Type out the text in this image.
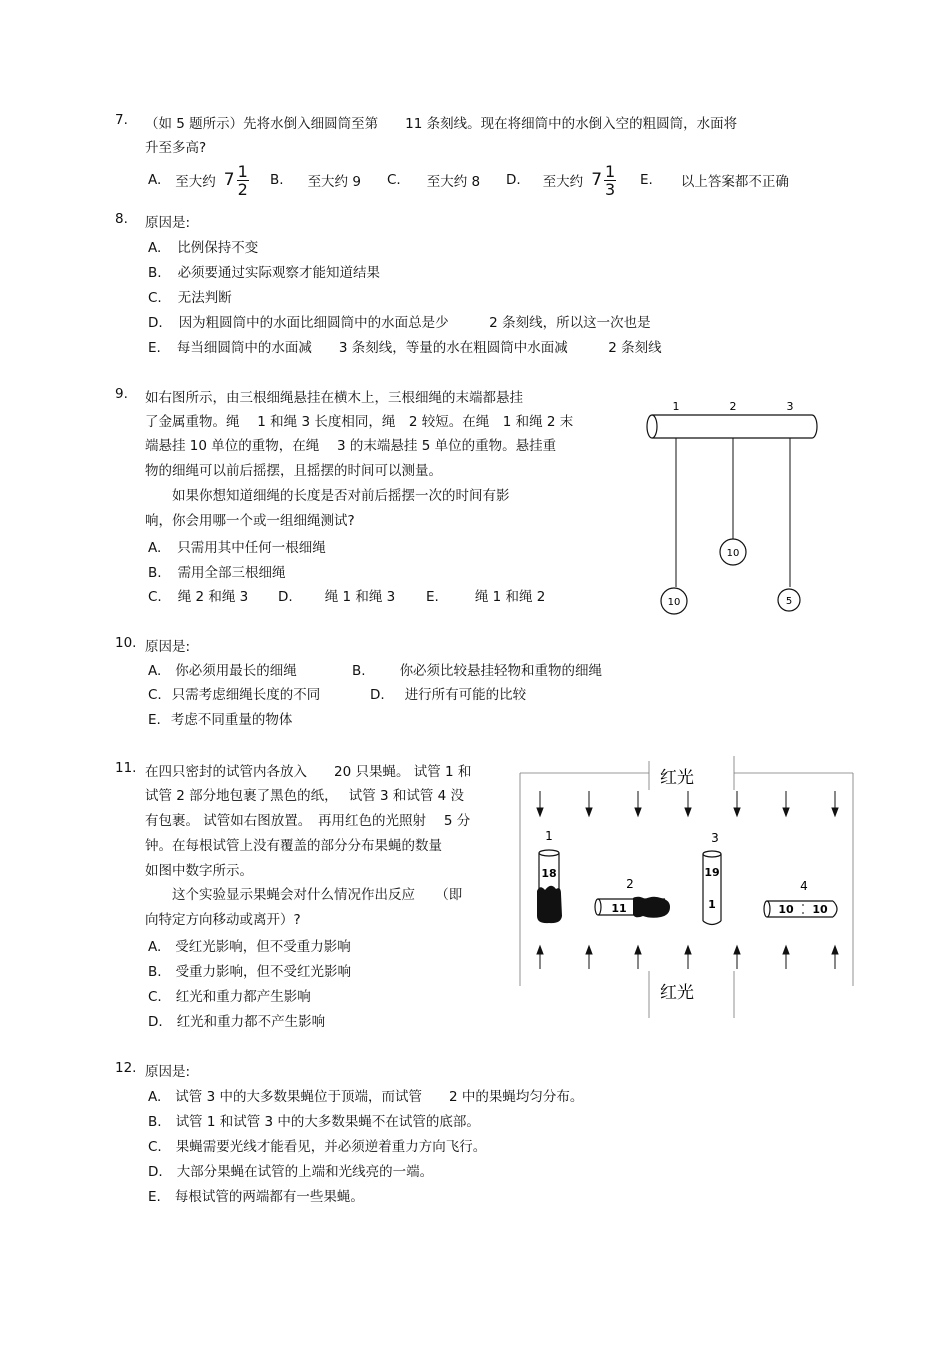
7. （如 5 题所示）先将水倒入细圆筒至第　　11 条刻线。现在将细筒中的水倒入空的粗圆筒，水面将
升至多高?
A. 至大约 $7 \frac{1}{2} B$. 至大约 9 C. 至大约 8 D. 至大约 $7 \frac{1}{3} E$. 以上答案都不正确
8. 原因是:
A. 比例保持不变
B. 必须要通过实际观察才能知道结果
C. 无法判断
D. 因为粗圆筒中的水面比细圆筒中的水面总是少　　　2 条刻线，所以这一次也是
E. 每当细圆筒中的水面减　　3 条刻线，等量的水在粗圆筒中水面减　　　2 条刻线
9. 如右图所示，由三根细绳悬挂在横木上，三根细绳的末端都悬挂
了金属重物。绳　 1 和绳 3 长度相同，绳　2 较短。在绳　1 和绳 2 末
端悬挂 10 单位的重物，在绳　 3 的末端悬挂 5 单位的重物。悬挂重
物的细绳可以前后摇摆，且摇摆的时间可以测量。
　　如果你想知道细绳的长度是否对前后摇摆一次的时间有影
响，你会用哪一个或一组细绳测试?
A. 只需用其中任何一根细绳
B. 需用全部三根细绳
C. 绳 2 和绳 3 D. 绳 1 和绳 3 E.	绳 1 和绳 2
1	2	3
10
10	5
10. 原因是:
A. 你必须用最长的细绳	B.	你必须比较悬挂轻物和重物的细绳
C. 只需考虑细绳长度的不同	D. 进行所有可能的比较
E. 考虑不同重量的物体
11. 在四只密封的试管内各放入　　20 只果蝇。 试管 1 和
试管 2 部分地包裹了黑色的纸，　 试管 3 和试管 4 没
有包裹。 试管如右图放置。　再用红色的光照射　 5 分
钟。在每根试管上没有覆盖的部分分布果蝇的数量
如图中数字所示。
　　这个实验显示果蝇会对什么情况作出反应　　（即
向特定方向移动或离开）?
A. 受红光影响，但不受重力影响
B. 受重力影响，但不受红光影响
C. 红光和重力都产生影响
D. 红光和重力都不产生影响
红光
红光
1
18
2
11
3
19
1
4
10 10
12. 原因是:
A. 试管 3 中的大多数果蝇位于顶端，而试管　　2 中的果蝇均匀分布。
B. 试管 1 和试管 3 中的大多数果蝇不在试管的底部。
C. 果蝇需要光线才能看见，并必须逆着重力方向飞行。
D. 大部分果蝇在试管的上端和光线亮的一端。
E. 每根试管的两端都有一些果蝇。
